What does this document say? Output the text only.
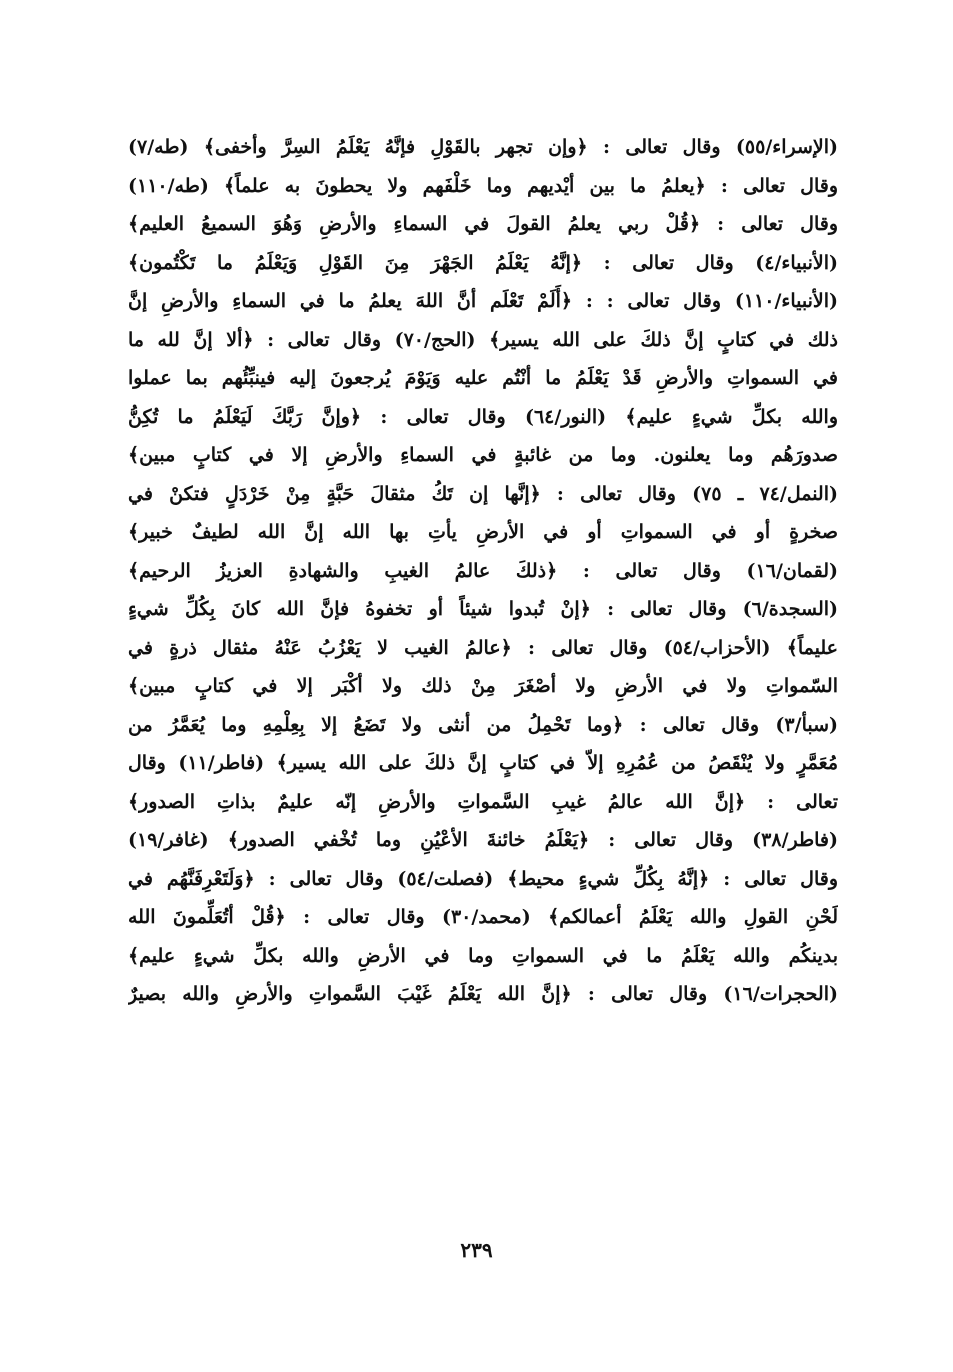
(الإسراء/٥٥) وقال تعالى : ﴿وإن تجهر بالقَوْلِ فإنَّهُ يَعْلَمُ السِرَّ وأخفى﴾ (طه/٧)
وقال تعالى : ﴿يعلمُ ما بين أيْديهم وما خَلْفَهم ولا يحطونَ به علماً﴾ (طه/١١٠)
وقال تعالى : ﴿قُلْ ربي يعلمُ القولَ في السماءِ والأرضِ وَهُوَ السميعُ العليم﴾
(الأنبياء/٤) وقال تعالى : ﴿إنَّهُ يَعْلَمُ الجَهْرَ مِنَ القَوْلِ وَيَعْلَمُ ما تَكْتُمون﴾
(الأنبياء/١١٠) وقال تعالى : : ﴿أَلَمْ تَعْلَم أنَّ اللهَ يعلمُ ما في السماءِ والأرضِ إنَّ
ذلك في كتابٍ إنَّ ذلكَ على الله يسير﴾ (الحج/٧٠) وقال تعالى : ﴿ألا إنَّ لله ما
في السمواتِ والأرضِ قَدْ يَعْلَمُ ما أنْتُم عليه وَيَوْمَ يُرجعونَ إليه فينبِّئُهم بما عملوا
والله بكلِّ شيءٍ عليم﴾ (النور/٦٤) وقال تعالى : ﴿وإنَّ رَبَّكَ لَيَعْلَمُ ما تُكِنُّ
صدورَهُم وما يعلنون. وما من غائبةٍ في السماءِ والأرضِ إلا في كتابٍ مبين﴾
(النمل/٧٤ ـ ٧٥) وقال تعالى : ﴿إنَّها إن تَكُ مثقالَ حَبَّةٍ مِنْ خَرْدَلٍ فتكنْ في
صخرةٍ أو في السمواتِ أو في الأرضِ يأتِ بها الله إنَّ الله لطيفٌ خبير﴾
(لقمان/١٦) وقال تعالى : ﴿ذلكَ عالمُ الغيبِ والشهادةِ العزيزُ الرحيم﴾
(السجدة/٦) وقال تعالى : ﴿إنْ تُبدوا شيئاً أو تخفوهُ فإنَّ الله كانَ بِكُلِّ شيءٍ
عليماً﴾ (الأحزاب/٥٤) وقال تعالى : ﴿عالمُ الغيب لا يَعْزُبُ عَنْهُ مثقال ذرةٍ في
السّمواتِ ولا في الأرضِ ولا أصْغَرَ مِنْ ذلك ولا أكْبَر إلا في كتابٍ مبين﴾
(سبأ/٣) وقال تعالى : ﴿وما تَحْمِلُ من أنثى ولا تَضَعُ إلا بِعِلْمِهِ وما يُعَمَّرُ من
مُعَمَّرٍ ولا يُنْقَصُ من عُمُرِهِ إلاّ في كتابٍ إنَّ ذلكَ على الله يسير﴾ (فاطر/١١) وقال
تعالى : ﴿إنَّ الله عالمُ غيبِ السَّمواتِ والأرضِ إنّه عليمٌ بذاتِ الصدور﴾
(فاطر/٣٨) وقال تعالى : ﴿يَعْلَمُ خائنةَ الأعْيُنِ وما تُخْفي الصدور﴾ (غافر/١٩)
وقال تعالى : ﴿إنَّهُ بِكُلِّ شيءٍ محيط﴾ (فصلت/٥٤) وقال تعالى : ﴿وَلَتَعْرِفَنَّهُم في
لَحْنِ القولِ والله يَعْلَمُ أعمالكم﴾ (محمد/٣٠) وقال تعالى : ﴿قُلْ أتُعَلِّمونَ الله
بدينكُم والله يَعْلَمُ ما في السمواتِ وما في الأرضِ والله بكلِّ شيءٍ عليم﴾
(الحجرات/١٦) وقال تعالى : ﴿إنَّ الله يَعْلَمُ غَيْبَ السَّمواتِ والأرضِ والله بصيرٌ
٢٣٩
